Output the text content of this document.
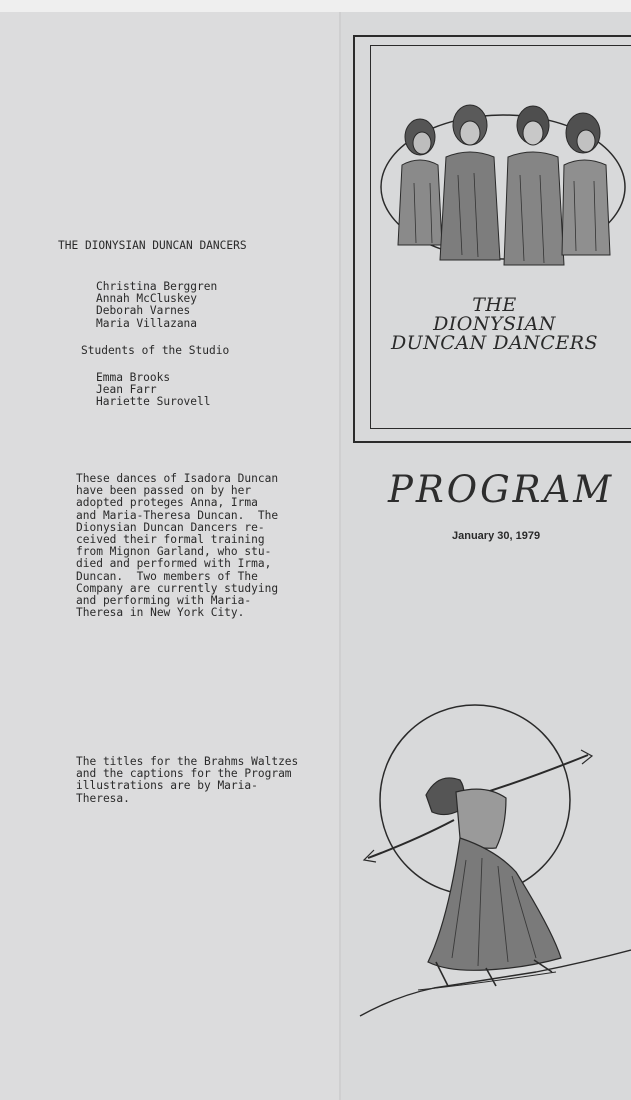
THE DIONYSIAN DUNCAN DANCERS
Christina Berggren
Annah McCluskey
Deborah Varnes
Maria Villazana
Students of the Studio
Emma Brooks
Jean Farr
Hariette Surovell
These dances of Isadora Duncan
have been passed on by her
adopted proteges Anna, Irma
and Maria-Theresa Duncan.  The
Dionysian Duncan Dancers re-
ceived their formal training
from Mignon Garland, who stu-
died and performed with Irma,
Duncan.  Two members of The
Company are currently studying
and performing with Maria-
Theresa in New York City.
The titles for the Brahms Waltzes
and the captions for the Program
illustrations are by Maria-
Theresa.
THE
DIONYSIAN
DUNCAN DANCERS
PROGRAM
January 30, 1979
